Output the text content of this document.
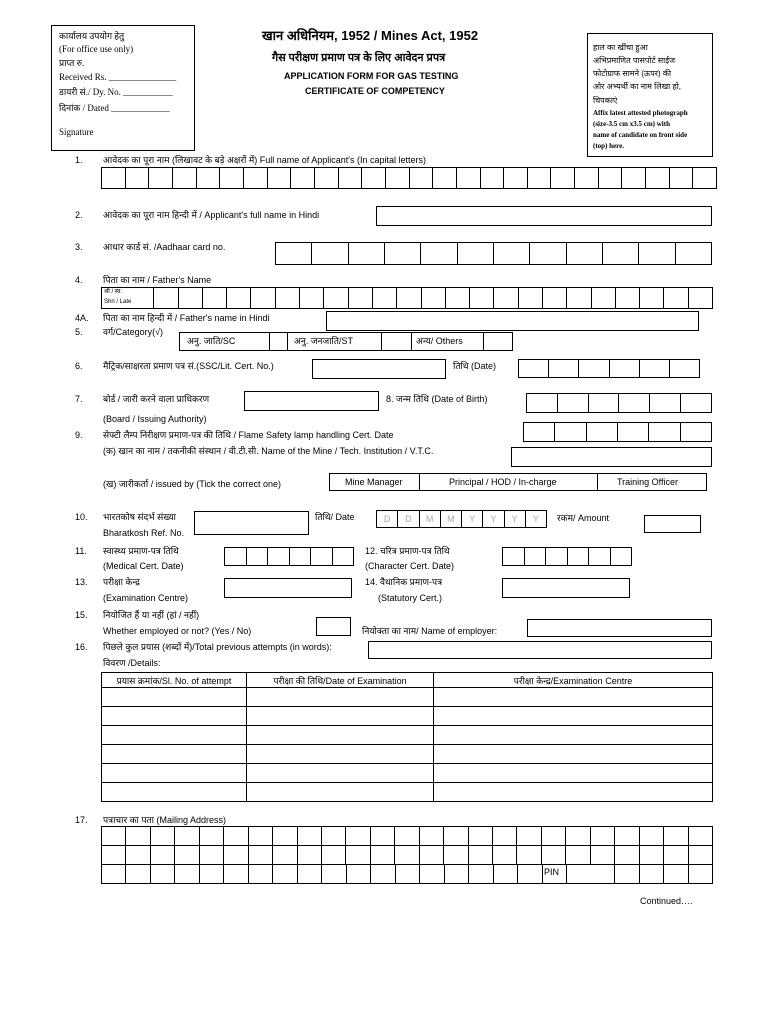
कार्यालय उपयोग हेतु
(For office use only)
प्राप्त रु.
Received Rs. _______________
डायरी सं./ Dy. No. ___________
दिनांक / Dated _____________
Signature
खान अधिनियम, 1952 / Mines Act, 1952
गैस परीक्षण प्रमाण पत्र के लिए आवेदन प्रपत्र
APPLICATION FORM FOR GAS TESTING
CERTIFICATE OF COMPETENCY
हाल का खींचा हुआ
अभिप्रमाणित पासपोर्ट साईज
फोटोग्राफ सामने (ऊपर) की
ओर अभ्यर्थी का नाम लिखा हो,
चिपकाएं
Affix latest attested photograph
(size-3.5 cm x3.5 cm) with
name of candidate on front side
(top) here.
1. आवेदक का पूरा नाम (लिखावट के बड़े अक्षरों में) Full name of Applicant's (In capital letters)
2. आवेदक का पूरा नाम हिन्दी में / Applicant's full name in Hindi
3. आधार कार्ड सं. /Aadhaar card no.
4. पिता का नाम / Father's Name
श्री / स्व.
Shri / Late
4A. पिता का नाम हिन्दी में / Father's name in Hindi
5. वर्ग/Category(√)
अनु. जाति/SC	अनु. जनजाति/ST	अन्य/ Others
6. मैट्रिक/साक्षरता प्रमाण पत्र सं.(SSC/Lit. Cert. No.)	तिथि (Date)
7. बोर्ड / जारी करने वाला प्राधिकरण
(Board / Issuing Authority)
8. जन्म तिथि (Date of Birth)
9. सेफ्टी लैम्प निरीक्षण प्रमाण-पत्र की तिथि / Flame Safety lamp handling Cert. Date
(क) खान का नाम / तकनीकी संस्थान / वी.टी.सी. Name of the Mine / Tech. Institution / V.T.C.
(ख) जारीकर्ता / issued by (Tick the correct one)	Mine Manager	Principal / HOD / In-charge	Training Officer
10. भारतकोष संदर्भ संख्या
Bharatkosh Ref. No.
तिथि/ Date	D	D	M	M	Y	Y	Y	Y	रकम/ Amount
11. स्वास्थ्य प्रमाण-पत्र तिथि
(Medical Cert. Date)
12. चरित्र प्रमाण-पत्र तिथि
(Character Cert. Date)
13. परीक्षा केन्द्र
(Examination Centre)
14. वैधानिक प्रमाण-पत्र
(Statutory Cert.)
15. नियोजित हैं या नहीं (हां / नहीं)
Whether employed or not? (Yes / No)	नियोक्ता का नाम/ Name of employer:
16. पिछले कुल प्रयास (शब्दों में)/Total previous attempts (in words):
विवरण /Details:
प्रयास क्रमांक/Sl. No. of attempt	परीक्षा की तिथि/Date of Examination	परीक्षा केन्द्र/Examination Centre

17. पत्राचार का पता (Mailing Address)
PIN
Continued….
